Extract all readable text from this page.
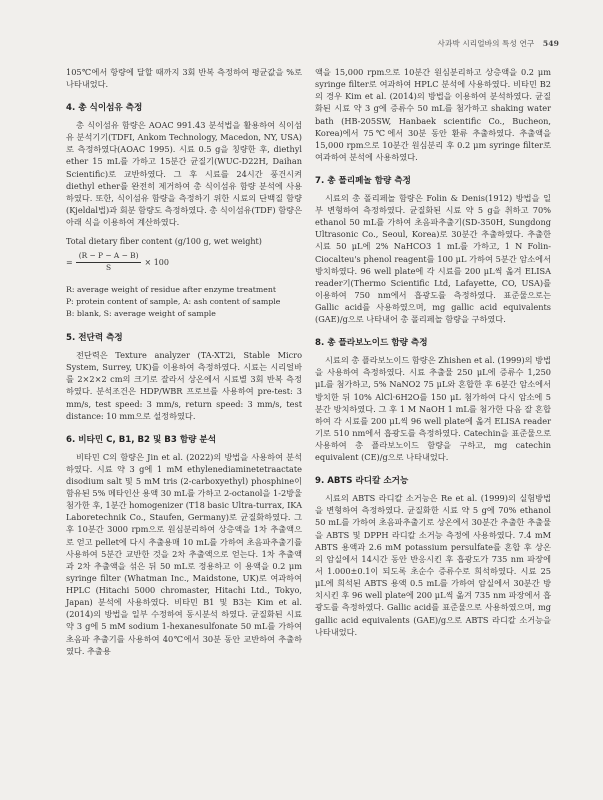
사과박 시리얼바의 특성 연구 549

105℃에서 항량에 달할 때까지 3회 반복 측정하여 평균값을 %로 나타내었다.

4. 총 식이섬유 측정

총 식이섬유 함량은 AOAC 991.43 분석법을 활용하여 식이섬유 분석기기(TDFI, Ankom Technology, Macedon, NY, USA)로 측정하였다(AOAC 1995). 시료 0.5 g을 칭량한 후, diethyl ether 15 mL를 가하고 15분간 균질기(WUC-D22H, Daihan Scientific)로 교반하였다. 그 후 시료를 24시간 풍건시켜 diethyl ether를 완전히 제거하여 총 식이섬유 함량 분석에 사용하였다. 또한, 식이섬유 함량을 측정하기 위한 시료의 단백질 함량(Kjeldal법)과 회분 함량도 측정하였다. 총 식이섬유(TDF) 함량은 아래 식을 이용하여 계산하였다.

Total dietary fiber content (g/100 g, wet weight)
= $\frac{(R - P - A - B)}{S} \times 100$
R: average weight of residue after enzyme treatment
P: protein content of sample, A: ash content of sample
B: blank, S: average weight of sample
5. 전단력 측정

전단력은 Texture analyzer (TA-XT2i, Stable Micro System, Surrey, UK)를 이용하여 측정하였다. 시료는 시리얼바를 2×2×2 cm의 크기로 잘라서 상온에서 시료별 3회 반복 측정하였다. 분석조건은 HDP/WBR 프로브를 사용하여 pre-test: 3 mm/s, test speed: 3 mm/s, return speed: 3 mm/s, test distance: 10 mm으로 설정하였다.

6. 비타민 C, B1, B2 및 B3 함량 분석

비타민 C의 함량은 Jin et al. (2022)의 방법을 사용하여 분석하였다. 시료 약 3 g에 1 mM ethylenediaminetetraactate disodium salt 및 5 mM tris (2-carboxyethyl) phosphine이 함유된 5% 메타인산 용액 30 mL를 가하고 2-octanol을 1-2방울 첨가한 후, 1분간 homogenizer (T18 basic Ultra-turrax, IKA Laboretechnik Co., Staufen, Germany)로 균질화하였다. 그 후 10분간 3000 rpm으로 원심분리하여 상층액을 1차 추출액으로 얻고 pellet에 다시 추출용매 10 mL를 가하여 초음파추출기를 사용하여 5분간 교반한 것을 2차 추출액으로 얻는다. 1차 추출액과 2차 추출액을 섞은 뒤 50 mL로 정용하고 이 용액을 0.2 μm syringe filter (Whatman Inc., Maidstone, UK)로 여과하여 HPLC (Hitachi 5000 chromaster, Hitachi Ltd., Tokyo, Japan) 분석에 사용하였다. 비타민 B1 및 B3는 Kim et al. (2014)의 방법을 일부 수정하여 동시분석 하였다. 균질화된 시료 약 3 g에 5 mM sodium 1-hexanesulfonate 50 mL를 가하여 초음파 추출기를 사용하여 40℃에서 30분 동안 교반하여 추출하였다. 추출용

액을 15,000 rpm으로 10분간 원심분리하고 상층액을 0.2 μm syringe filter로 여과하여 HPLC 분석에 사용하였다. 비타민 B2의 경우 Kim et al. (2014)의 방법을 이용하여 분석하였다. 균질화된 시료 약 3 g에 증류수 50 mL를 첨가하고 shaking water bath (HB-205SW, Hanbaek scientific Co., Bucheon, Korea)에서 75℃에서 30분 동안 환류 추출하였다. 추출액을 15,000 rpm으로 10분간 원심분리 후 0.2 μm syringe filter로 여과하여 분석에 사용하였다.

7. 총 폴리페놀 함량 측정

시료의 총 폴리페놀 함량은 Folin & Denis(1912) 방법을 일부 변형하여 측정하였다. 균질화된 시료 약 5 g을 취하고 70% ethanol 50 mL를 가하여 초음파추출기(SD-350H, Sungdong Ultrasonic Co., Seoul, Korea)로 30분간 추출하였다. 추출한 시료 50 μL에 2% NaHCO3 1 mL를 가하고, 1 N Folin-Ciocalteu's phenol reagent를 100 μL 가하여 5분간 암소에서 방치하였다. 96 well plate에 각 시료를 200 μL씩 옮겨 ELISA reader기(Thermo Scientific Ltd, Lafayette, CO, USA)를 이용하여 750 nm에서 흡광도를 측정하였다. 표준물으로는 Gallic acid를 사용하였으며, mg gallic acid equivalents (GAE)/g으로 나타내어 총 폴리페놀 함량을 구하였다.

8. 총 플라보노이드 함량 측정

시료의 총 플라보노이드 함량은 Zhishen et al. (1999)의 방법을 사용하여 측정하였다. 시료 추출물 250 μL에 증류수 1,250 μL를 첨가하고, 5% NaNO2 75 μL와 혼합한 후 6분간 암소에서 방치한 뒤 10% AlCl·6H2O를 150 μL 첨가하여 다시 암소에 5분간 방치하였다. 그 후 1 M NaOH 1 mL를 첨가한 다음 잘 혼합하여 각 시료를 200 μL씩 96 well plate에 옮겨 ELISA reader기로 510 nm에서 흡광도를 측정하였다. Catechin을 표준물으로 사용하여 총 플라보노이드 함량을 구하고, mg catechin equivalent (CE)/g으로 나타내었다.

9. ABTS 라디칼 소거능

시료의 ABTS 라디칼 소거능은 Re et al. (1999)의 실험방법을 변형하여 측정하였다. 균질화한 시료 약 5 g에 70% ethanol 50 mL를 가하여 초음파추출기로 상온에서 30분간 추출한 추출물을 ABTS 및 DPPH 라디칼 소거능 측정에 사용하였다. 7.4 mM ABTS 용액과 2.6 mM potassium persulfate를 혼합 후 상온의 암실에서 14시간 동안 반응시킨 후 흡광도가 735 nm 파장에서 1.000±0.1이 되도록 초순수 증류수로 희석하였다. 시료 25 μL에 희석된 ABTS 용액 0.5 mL를 가하여 암실에서 30분간 방치시킨 후 96 well plate에 200 μL씩 옮겨 735 nm 파장에서 흡광도를 측정하였다. Gallic acid를 표준물으로 사용하였으며, mg gallic acid equivalents (GAE)/g으로 ABTS 라디칼 소거능을 나타내었다.
